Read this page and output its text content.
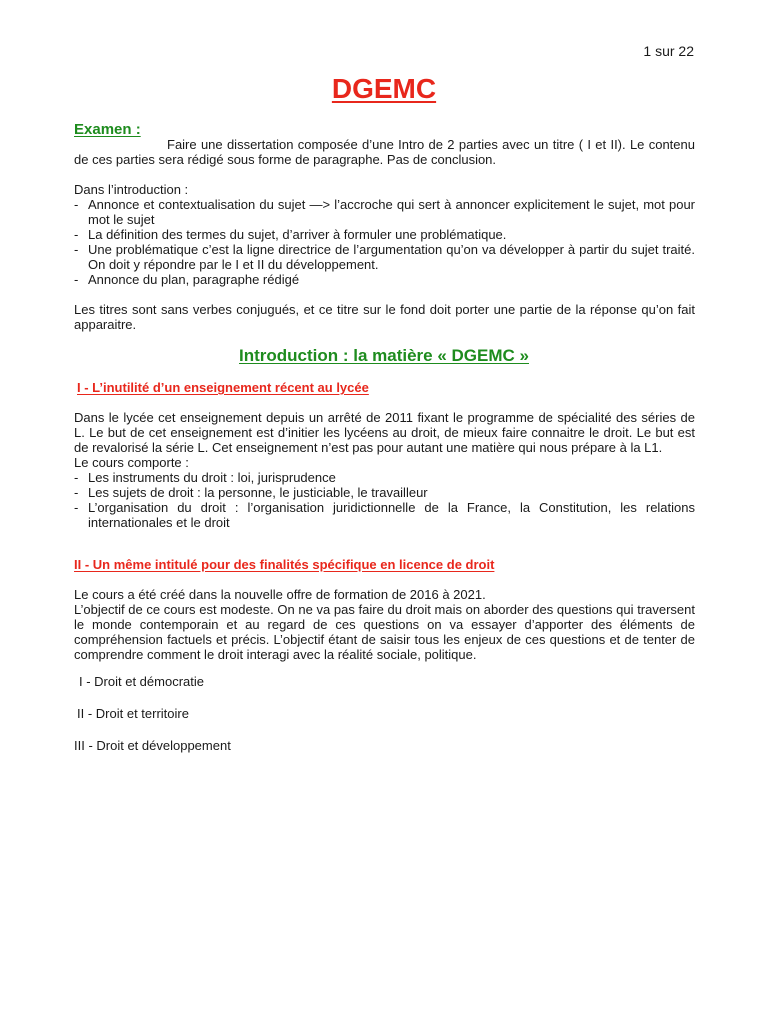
1 sur 22
DGEMC
Examen :

Faire une dissertation composée d’une Intro de 2 parties avec un titre ( I et II). Le contenu de ces parties sera rédigé sous forme de paragraphe. Pas de conclusion.

Dans l’introduction :

- Annonce et contextualisation du sujet —> l’accroche qui sert à annoncer explicitement le sujet, mot pour mot le sujet
- La définition des termes du sujet, d’arriver à formuler une problématique.
- Une problématique c’est la ligne directrice de l’argumentation qu’on va développer à partir du sujet traité. On doit y répondre par le I et II du développement.
- Annonce du plan, paragraphe rédigé

Les titres sont sans verbes conjugués, et ce titre sur le fond doit porter une partie de la réponse qu’on fait apparaitre.

Introduction : la matière « DGEMC »
I - L’inutilité d’un enseignement récent au lycée

Dans le lycée cet enseignement depuis un arrêté de 2011 fixant le programme de spécialité des séries de L. Le but de cet enseignement est d’initier les lycéens au droit, de mieux faire connaitre le droit. Le but est de revalorisé la série L. Cet enseignement n’est pas pour autant une matière qui nous prépare à la L1.

Le cours comporte :

- Les instruments du droit : loi, jurisprudence
- Les sujets de droit : la personne, le justiciable, le travailleur
- L’organisation du droit : l’organisation juridictionnelle de la France, la Constitution, les relations internationales et le droit
II - Un même intitulé pour des finalités spécifique en licence de droit

Le cours a été créé dans la nouvelle offre de formation de 2016 à 2021.

L’objectif de ce cours est modeste. On ne va pas faire du droit mais on aborder des questions qui traversent le monde contemporain et au regard de ces questions on va essayer d’apporter des éléments de compréhension factuels et précis. L’objectif étant de saisir tous les enjeux de ces questions et de tenter de comprendre comment le droit interagi avec la réalité sociale, politique.

I - Droit et démocratie
II - Droit et territoire
III - Droit et développement
